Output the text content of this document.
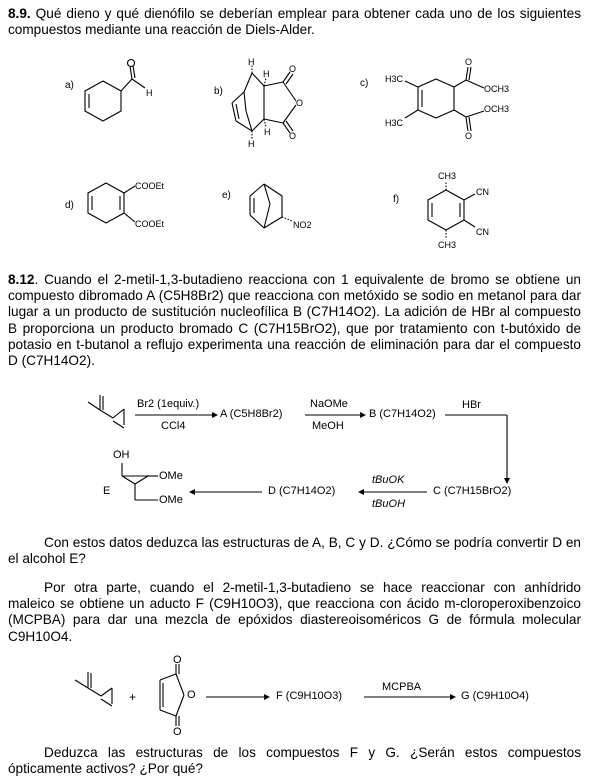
8.9. Qué dieno y qué dienófilo se deberían emplear para obtener cada uno de los siguientes compuestos mediante una reacción de Diels-Alder.

a)
b)
c)
d)
e)	f)
H
H
H
H
H
O
O
O
H3C
H3C
O
OCH3
OCH3
O
COOEt
COOEt	NO2
CH3
CN
CN
CH3

8.12. Cuando el 2-metil-1,3-butadieno reacciona con 1 equivalente de bromo se obtiene un compuesto dibromado A (C5H8Br2) que reacciona con metóxido se sodio en metanol para dar lugar a un producto de sustitución nucleofílica B (C7H14O2). La adición de HBr al compuesto B proporciona un producto bromado C (C7H15BrO2), que por tratamiento con t-butóxido de potasio en t-butanol a reflujo experimenta una reacción de eliminación para dar el compuesto D (C7H14O2).

Br2 (1equiv.)
CCl4
A (C5H8Br2)
NaOMe
MeOH
B (C7H14O2)
HBr
C (C7H15BrO2)
tBuOK
tBuOH
D (C7H14O2)
E
OH
OMe
OMe

Con estos datos deduzca las estructuras de A, B, C y D. ¿Cómo se podría convertir D en el alcohol E?

Por otra parte, cuando el 2-metil-1,3-butadieno se hace reaccionar con anhídrido maleico se obtiene un aducto F (C9H10O3), que reacciona con ácido m-cloroperoxibenzoico (MCPBA) para dar una mezcla de epóxidos diastereoisoméricos G de fórmula molecular C9H10O4.

+
O
O
O
F (C9H10O3)
MCPBA
G (C9H10O4)

Deduzca las estructuras de los compuestos F y G. ¿Serán estos compuestos ópticamente activos? ¿Por qué?
